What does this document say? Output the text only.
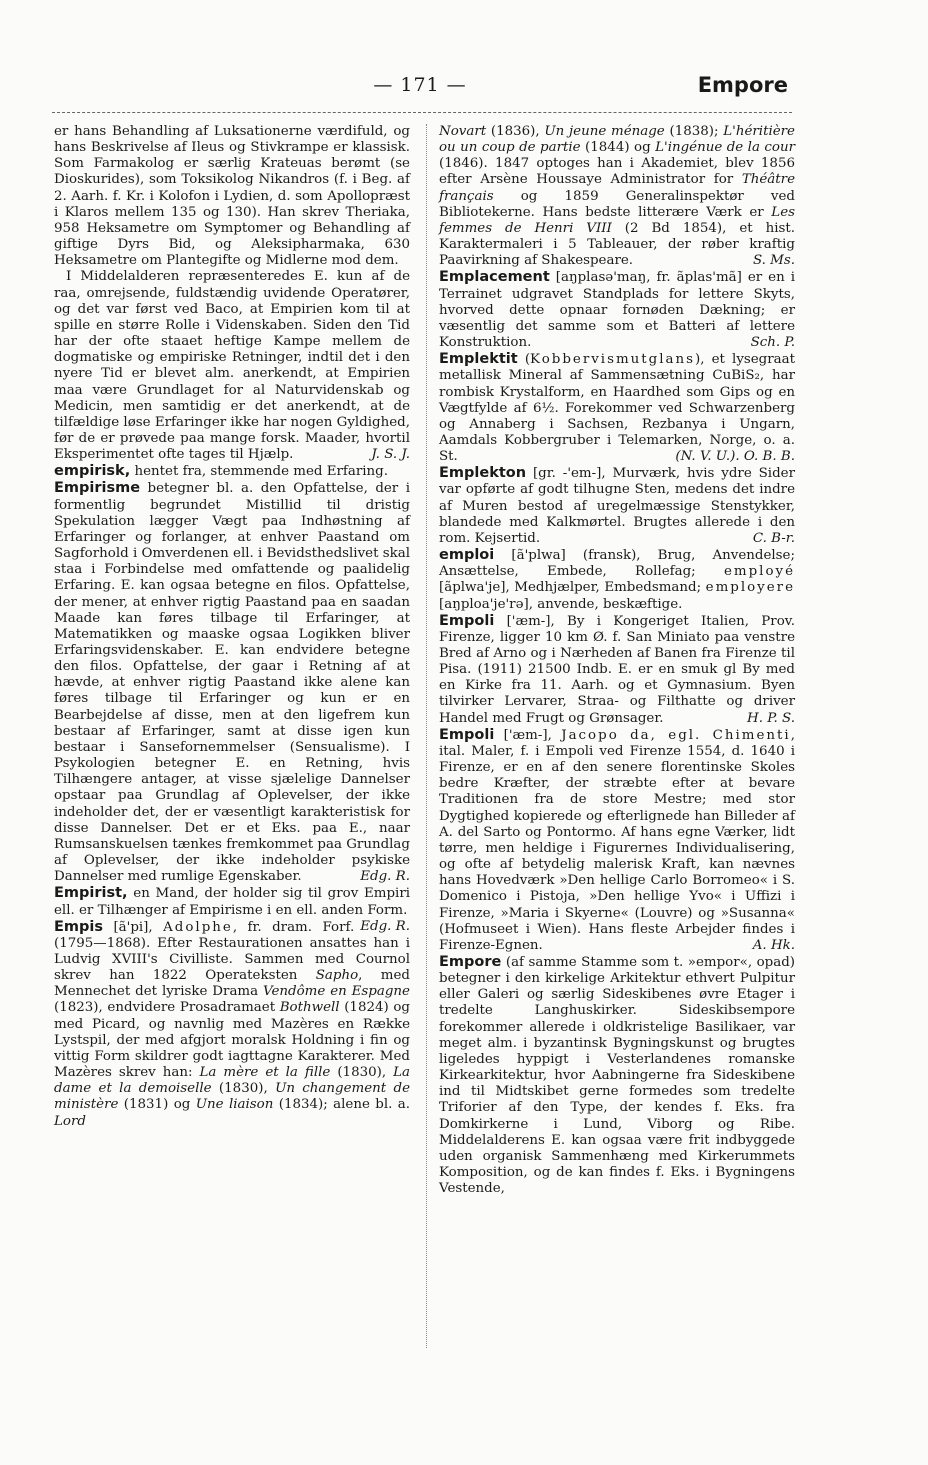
— 171 —	Empore

er hans Behandling af Luksationerne værdifuld, og hans Beskrivelse af Ileus og Stivkrampe er klassisk. Som Farmakolog er særlig Krateuas berømt (se Dioskurides), som Toksikolog Nikandros (f. i Beg. af 2. Aarh. f. Kr. i Kolofon i Lydien, d. som Apollopræst i Klaros mellem 135 og 130). Han skrev Theriaka, 958 Heksametre om Symptomer og Behandling af giftige Dyrs Bid, og Aleksipharmaka, 630 Heksametre om Plantegifte og Midlerne mod dem.

I Middelalderen repræsenteredes E. kun af de raa, omrejsende, fuldstændig uvidende Operatører, og det var først ved Baco, at Empirien kom til at spille en større Rolle i Videnskaben. Siden den Tid har der ofte staaet heftige Kampe mellem de dogmatiske og empiriske Retninger, indtil det i den nyere Tid er blevet alm. anerkendt, at Empirien maa være Grundlaget for al Naturvidenskab og Medicin, men samtidig er det anerkendt, at de tilfældige løse Erfaringer ikke har nogen Gyldighed, før de er prøvede paa mange forsk. Maader, hvortil Eksperimentet ofte tages til Hjælp.	J. S. J.

empirisk, hentet fra, stemmende med Erfaring.

Empirisme betegner bl. a. den Opfattelse, der i formentlig begrundet Mistillid til dristig Spekulation lægger Vægt paa Indhøstning af Erfaringer og forlanger, at enhver Paastand om Sagforhold i Omverdenen ell. i Bevidsthedslivet skal staa i Forbindelse med omfattende og paalidelig Erfaring. E. kan ogsaa betegne en filos. Opfattelse, der mener, at enhver rigtig Paastand paa en saadan Maade kan føres tilbage til Erfaringer, at Matematikken og maaske ogsaa Logikken bliver Erfaringsvidenskaber. E. kan endvidere betegne den filos. Opfattelse, der gaar i Retning af at hævde, at enhver rigtig Paastand ikke alene kan føres tilbage til Erfaringer og kun er en Bearbejdelse af disse, men at den ligefrem kun bestaar af Erfaringer, samt at disse igen kun bestaar i Sansefornemmelser (Sensualisme). I Psykologien betegner E. en Retning, hvis Tilhængere antager, at visse sjælelige Dannelser opstaar paa Grundlag af Oplevelser, der ikke indeholder det, der er væsentligt karakteristisk for disse Dannelser. Det er et Eks. paa E., naar Rumsanskuelsen tænkes fremkommet paa Grundlag af Oplevelser, der ikke indeholder psykiske Dannelser med rumlige Egenskaber.	Edg. R.

Empirist, en Mand, der holder sig til grov Empiri ell. er Tilhænger af Empirisme i en ell. anden Form.
Edg. R.

Empis [ã'pi], Adolphe, fr. dram. Forf. (1795—1868). Efter Restaurationen ansattes han i Ludvig XVIII's Civilliste. Sammen med Cournol skrev han 1822 Operateksten Sapho, med Mennechet det lyriske Drama Vendôme en Espagne (1823), endvidere Prosadramaet Bothwell (1824) og med Picard, og navnlig med Mazères en Række Lystspil, der med afgjort moralsk Holdning i fin og vittig Form skildrer godt iagttagne Karakterer. Med Mazères skrev han: La mère et la fille (1830), La dame et la demoiselle (1830), Un changement de ministère (1831) og Une liaison (1834); alene bl. a. Lord

Novart (1836), Un jeune ménage (1838); L'héritière ou un coup de partie (1844) og L'ingénue de la cour (1846). 1847 optoges han i Akademiet, blev 1856 efter Arsène Houssaye Administrator for Théâtre français og 1859 Generalinspektør ved Bibliotekerne. Hans bedste litterære Værk er Les femmes de Henri VIII (2 Bd 1854), et hist. Karaktermaleri i 5 Tableauer, der røber kraftig Paavirkning af Shakespeare.	S. Ms.

Emplacement [aŋplasə'maŋ, fr. ãplas'mã] er en i Terrainet udgravet Standplads for lettere Skyts, hvorved dette opnaar fornøden Dækning; er væsentlig det samme som et Batteri af lettere Konstruktion.	Sch. P.

Emplektit (Kobbervismutglans), et lysegraat metallisk Mineral af Sammensætning CuBiS₂, har rombisk Krystalform, en Haardhed som Gips og en Vægtfylde af 6½. Forekommer ved Schwarzenberg og Annaberg i Sachsen, Rezbanya i Ungarn, Aamdals Kobbergruber i Telemarken, Norge, o. a. St.	(N. V. U.). O. B. B.

Emplekton [gr. -'em-], Murværk, hvis ydre Sider var opførte af godt tilhugne Sten, medens det indre af Muren bestod af uregelmæssige Stenstykker, blandede med Kalkmørtel. Brugtes allerede i den rom. Kejsertid.	C. B-r.

emploi [ã'plwa] (fransk), Brug, Anvendelse; Ansættelse, Embede, Rollefag; employé [ãplwa'je], Medhjælper, Embedsmand; employere [aŋploa'je'rə], anvende, beskæftige.

Empoli ['æm-], By i Kongeriget Italien, Prov. Firenze, ligger 10 km Ø. f. San Miniato paa venstre Bred af Arno og i Nærheden af Banen fra Firenze til Pisa. (1911) 21500 Indb. E. er en smuk gl By med en Kirke fra 11. Aarh. og et Gymnasium. Byen tilvirker Lervarer, Straa- og Filthatte og driver Handel med Frugt og Grønsager.	H. P. S.

Empoli ['æm-], Jacopo da, egl. Chimenti, ital. Maler, f. i Empoli ved Firenze 1554, d. 1640 i Firenze, er en af den senere florentinske Skoles bedre Kræfter, der stræbte efter at bevare Traditionen fra de store Mestre; med stor Dygtighed kopierede og efterlignede han Billeder af A. del Sarto og Pontormo. Af hans egne Værker, lidt tørre, men heldige i Figurernes Individualisering, og ofte af betydelig malerisk Kraft, kan nævnes hans Hovedværk »Den hellige Carlo Borromeo« i S. Domenico i Pistoja, »Den hellige Yvo« i Uffizi i Firenze, »Maria i Skyerne« (Louvre) og »Susanna« (Hofmuseet i Wien). Hans fleste Arbejder findes i Firenze-Egnen.	A. Hk.

Empore (af samme Stamme som t. »empor«, opad) betegner i den kirkelige Arkitektur ethvert Pulpitur eller Galeri og særlig Sideskibenes øvre Etager i tredelte Langhuskirker. Sideskibsempore forekommer allerede i oldkristelige Basilikaer, var meget alm. i byzantinsk Bygningskunst og brugtes ligeledes hyppigt i Vesterlandenes romanske Kirkearkitektur, hvor Aabningerne fra Sideskibene ind til Midtskibet gerne formedes som tredelte Triforier af den Type, der kendes f. Eks. fra Domkirkerne i Lund, Viborg og Ribe. Middelalderens E. kan ogsaa være frit indbyggede uden organisk Sammenhæng med Kirkerummets Komposition, og de kan findes f. Eks. i Bygningens Vestende,
